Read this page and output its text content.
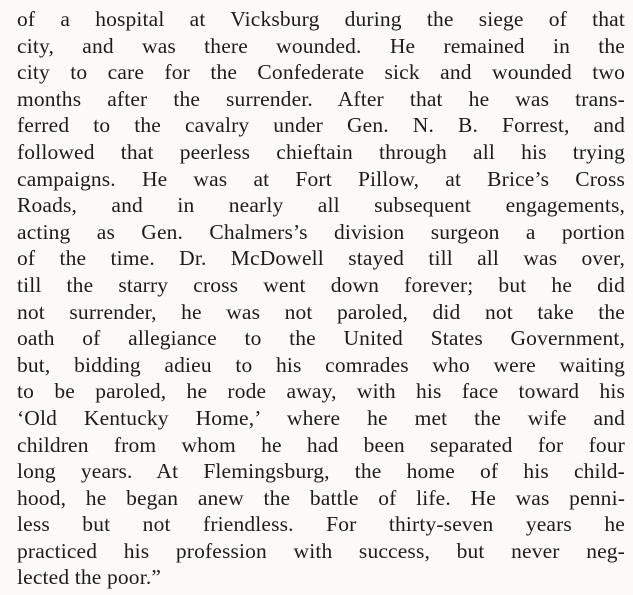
of a hospital at Vicksburg during the siege of that
city, and was there wounded. He remained in the
city to care for the Confederate sick and wounded two
months after the surrender. After that he was trans-
ferred to the cavalry under Gen. N. B. Forrest, and
followed that peerless chieftain through all his trying
campaigns. He was at Fort Pillow, at Brice’s Cross
Roads, and in nearly all subsequent engagements,
acting as Gen. Chalmers’s division surgeon a portion
of the time. Dr. McDowell stayed till all was over,
till the starry cross went down forever; but he did
not surrender, he was not paroled, did not take the
oath of allegiance to the United States Government,
but, bidding adieu to his comrades who were waiting
to be paroled, he rode away, with his face toward his
‘Old Kentucky Home,’ where he met the wife and
children from whom he had been separated for four
long years. At Flemingsburg, the home of his child-
hood, he began anew the battle of life. He was penni-
less but not friendless. For thirty-seven years he
practiced his profession with success, but never neg-
lected the poor.”
